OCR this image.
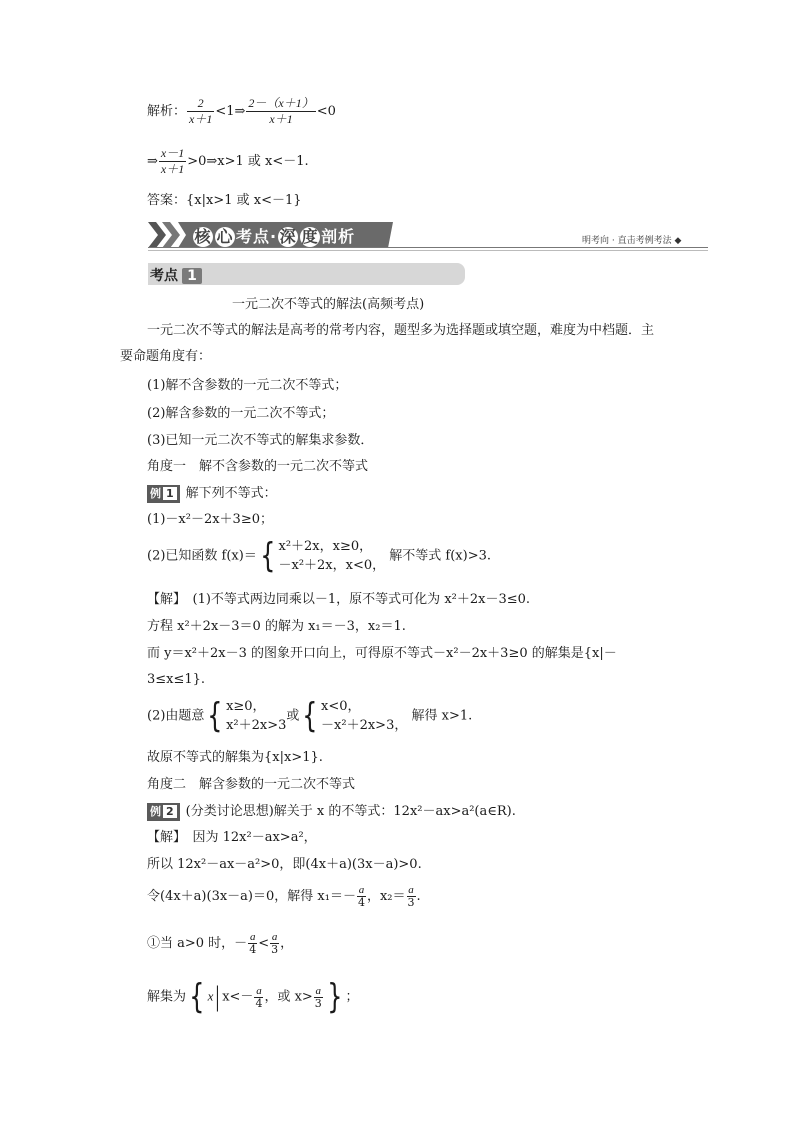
解析： $\frac{2}{x+1}$ <1⇒ $\frac{2-(x+1)}{x+1} <0$
⇒ $\frac{x-1}{x+1}$ >0⇒x>1 或 x<－1.
答案：{x|x>1 或 x<－1}
核 心 考点· 深 度 剖析	明考向 · 直击考例考法 ◆
考点 1
一元二次不等式的解法(高频考点)
一元二次不等式的解法是高考的常考内容，题型多为选择题或填空题，难度为中档题．主
要命题角度有：
(1)解不含参数的一元二次不等式；
(2)解含参数的一元二次不等式；
(3)已知一元二次不等式的解集求参数．
角度一　解不含参数的一元二次不等式
例 1 解下列不等式：
(1)－x²－2x＋3≥0；
(2)已知函数 f(x)＝{ x²＋2x，x≥0，
－x²＋2x，x<0，
解不等式 f(x)>3.
【解】　(1)不等式两边同乘以－1，原不等式可化为 x²＋2x－3≤0.
方程 x²＋2x－3＝0 的解为 x₁＝－3，x₂＝1.
而 y＝x²＋2x－3 的图象开口向上，可得原不等式－x²－2x＋3≥0 的解集是{x|－
3≤x≤1}.
(2)由题意{ x≥0，
x²＋2x>3
或{ x<0，
－x²＋2x>3，
解得 x>1.
故原不等式的解集为{x|x>1}.
角度二　解含参数的一元二次不等式
例 2 (分类讨论思想)解关于 x 的不等式：12x²－ax>a²(a∈R).
【解】　因为 12x²－ax>a²，
所以 12x²－ax－a²>0，即(4x＋a)(3x－a)>0.
令(4x＋a)(3x－a)＝0，解得 $x_1=- \frac{a}{4}$ ，$x_2= \frac{a}{3}$ .
①当 a>0 时，－ $\frac{a}{4} < \frac{a}{3}$ ，
解集为{ x| $x<- \frac{a}{4}$ ，或 $x> \frac{a}{3}$ } ；
